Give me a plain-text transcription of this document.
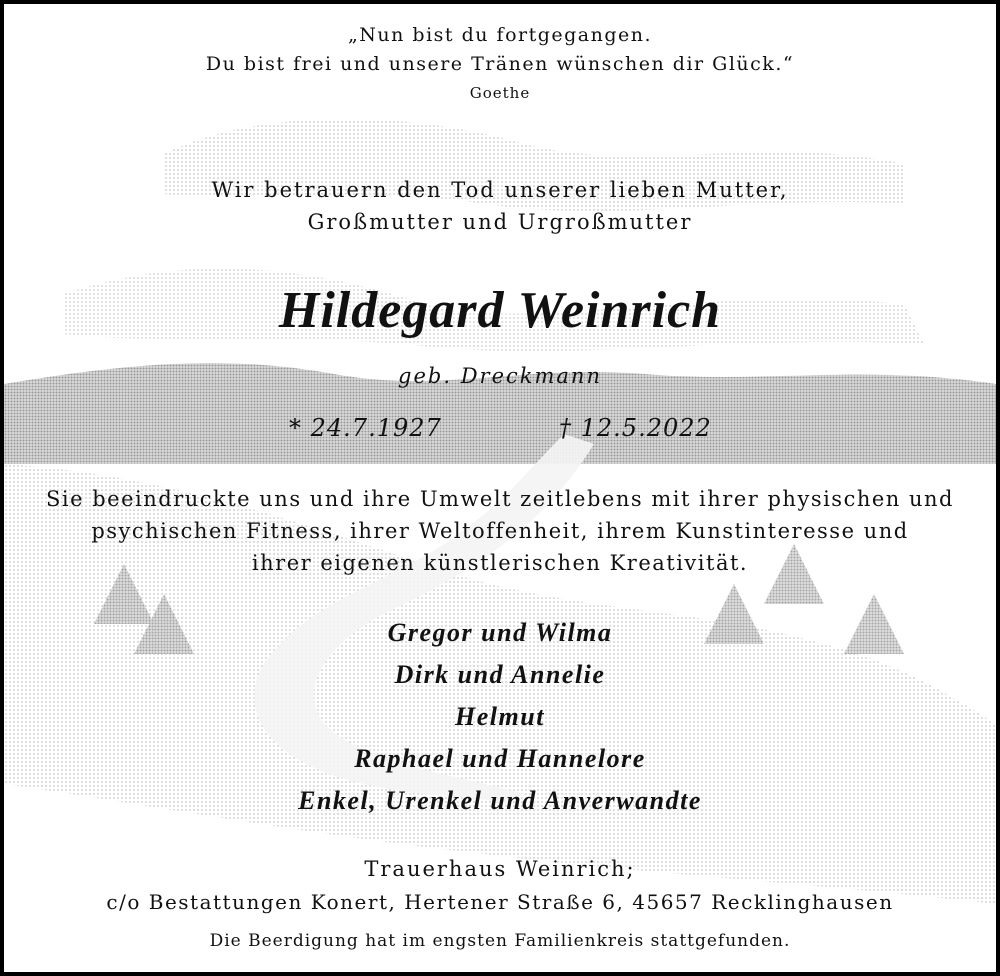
„Nun bist du fortgegangen.
Du bist frei und unsere Tränen wünschen dir Glück.“
Goethe
Wir betrauern den Tod unserer lieben Mutter,
Großmutter und Urgroßmutter
Hildegard Weinrich
geb. Dreckmann
* 24.7.1927	† 12.5.2022
Sie beeindruckte uns und ihre Umwelt zeitlebens mit ihrer physischen und
psychischen Fitness, ihrer Weltoffenheit, ihrem Kunstinteresse und
ihrer eigenen künstlerischen Kreativität.
Gregor und Wilma
Dirk und Annelie
Helmut
Raphael und Hannelore
Enkel, Urenkel und Anverwandte
Trauerhaus Weinrich;
c/o Bestattungen Konert, Hertener Straße 6, 45657 Recklinghausen
Die Beerdigung hat im engsten Familienkreis stattgefunden.
